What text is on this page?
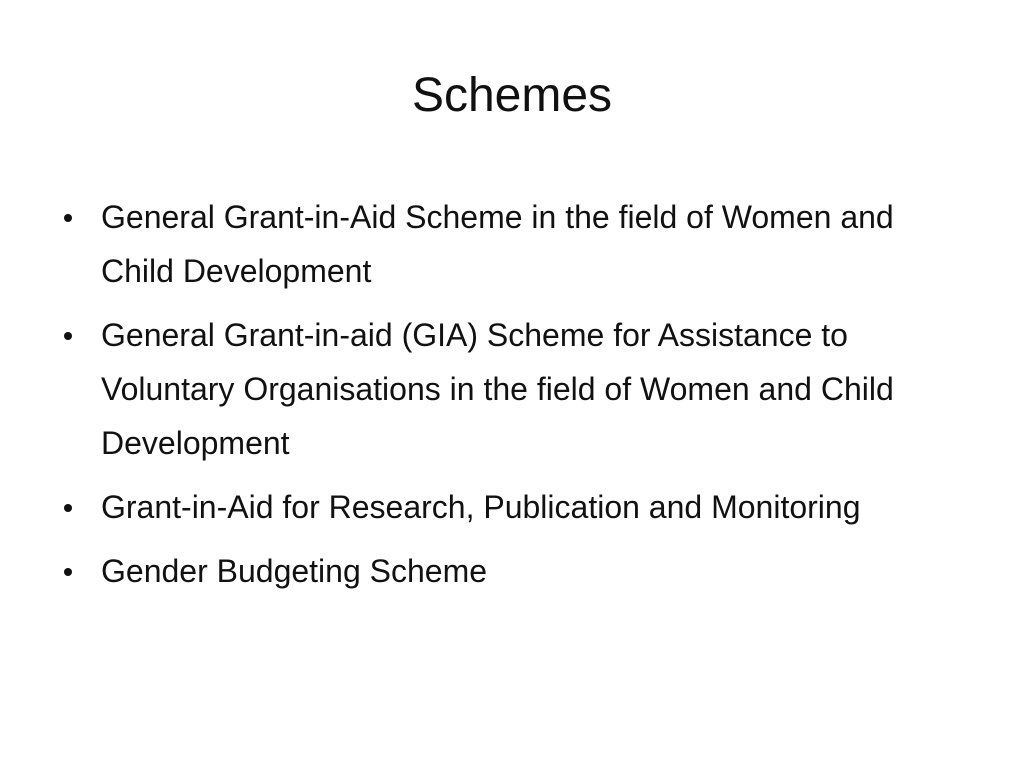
Schemes
General Grant-in-Aid Scheme in the field of Women and Child Development
General Grant-in-aid (GIA) Scheme for Assistance to Voluntary Organisations in the field of Women and Child Development
Grant-in-Aid for Research, Publication and Monitoring
Gender Budgeting Scheme
